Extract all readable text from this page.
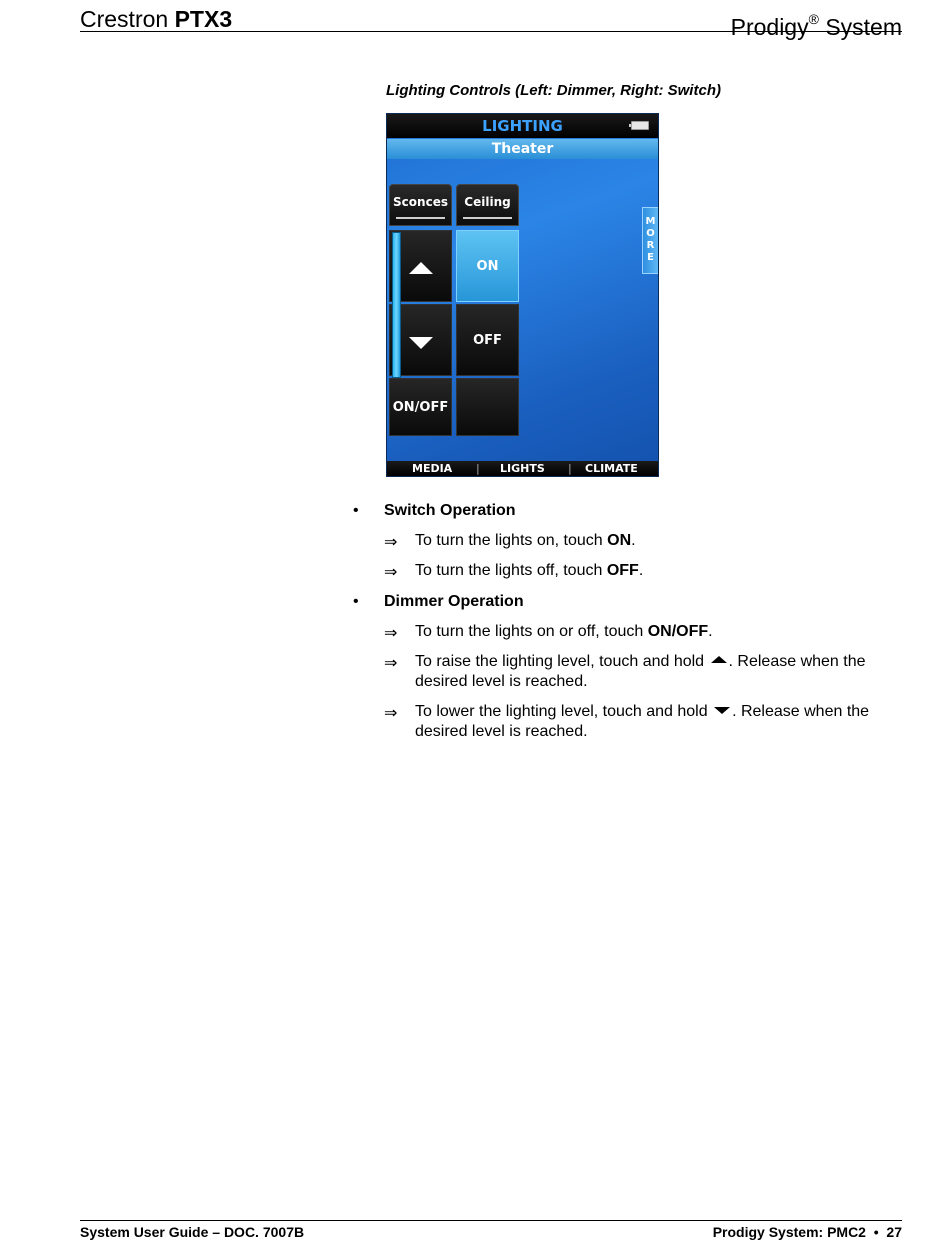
Crestron PTX3	Prodigy® System
Lighting Controls (Left: Dimmer, Right: Switch)
LIGHTING
Theater
Sconces	Ceiling
ON/OFF
ON
OFF
M
O
R
E
MEDIA | LIGHTS | CLIMATE
• Switch Operation
⇒ To turn the lights on, touch ON.
⇒ To turn the lights off, touch OFF.
• Dimmer Operation
⇒ To turn the lights on or off, touch ON/OFF.
⇒ To raise the lighting level, touch and hold . Release when the desired level is reached.
⇒ To lower the lighting level, touch and hold . Release when the desired level is reached.
System User Guide – DOC. 7007B	Prodigy System: PMC2  •  27
